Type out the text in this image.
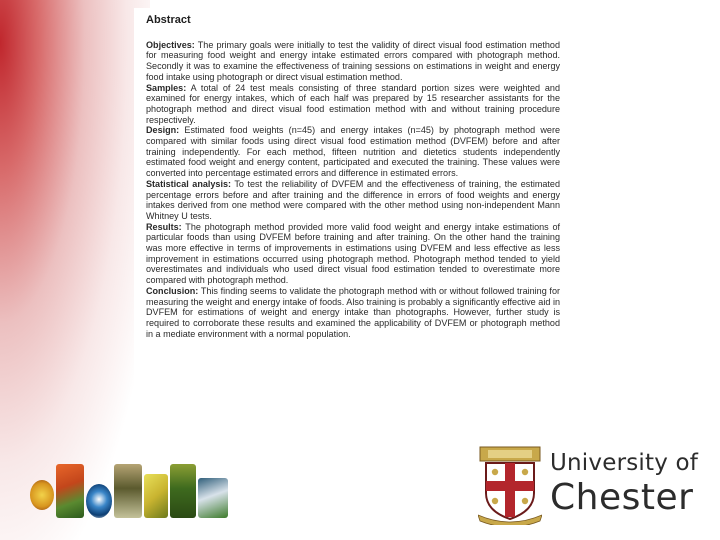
Abstract

Objectives: The primary goals were initially to test the validity of direct visual food estimation method for measuring food weight and energy intake estimated errors compared with photograph method. Secondly it was to examine the effectiveness of training sessions on estimations in weight and energy food intake using photograph or direct visual estimation method.

Samples: A total of 24 test meals consisting of three standard portion sizes were weighted and examined for energy intakes, which of each half was prepared by 15 researcher assistants for the photograph method and direct visual food estimation method with and without training procedure respectively.

Design: Estimated food weights (n=45) and energy intakes (n=45) by photograph method were compared with similar foods using direct visual food estimation method (DVFEM) before and after training independently. For each method, fifteen nutrition and dietetics students independently estimated food weight and energy content, participated and executed the training. These values were converted into percentage estimated errors and difference in estimated errors.

Statistical analysis: To test the reliability of DVFEM and the effectiveness of training, the estimated percentage errors before and after training and the difference in errors of food weights and energy intakes derived from one method were compared with the other method using non-independent Mann Whitney U tests.

Results: The photograph method provided more valid food weight and energy intake estimations of particular foods than using DVFEM before training and after training. On the other hand the training was more effective in terms of improvements in estimations using DVFEM and less effective as less improvement in estimations occurred using photograph method. Photograph method tended to yield overestimates and individuals who used direct visual food estimation tended to overestimate more compared with photograph method.

Conclusion: This finding seems to validate the photograph method with or without followed training for measuring the weight and energy intake of foods. Also training is probably a significantly effective aid in DVFEM for estimations of weight and energy intake than photographs. However, further study is required to corroborate these results and examined the applicability of DVFEM or photograph method in a mediate environment with a normal population.

University of
Chester
